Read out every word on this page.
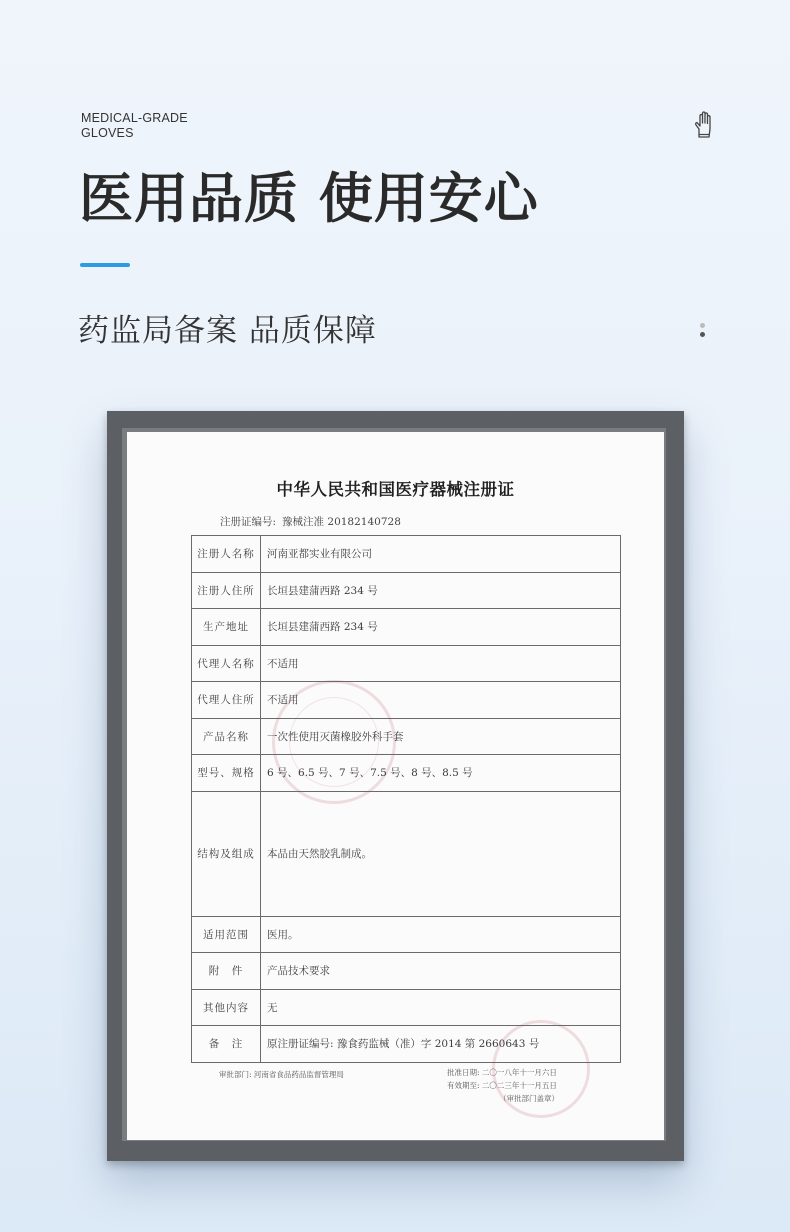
MEDICAL-GRADE
GLOVES
医用品质 使用安心
药监局备案 品质保障
中华人民共和国医疗器械注册证
注册证编号: 豫械注准 20182140728
注册人名称	河南亚都实业有限公司
注册人住所	长垣县建蒲西路 234 号
生产地址	长垣县建蒲西路 234 号
代理人名称	不适用
代理人住所	不适用
产品名称	一次性使用灭菌橡胶外科手套
型号、规格	6 号、6.5 号、7 号、7.5 号、8 号、8.5 号
结构及组成	本品由天然胶乳制成。
适用范围	医用。
附　件	产品技术要求
其他内容	无
备　注	原注册证编号: 豫食药监械（准）字 2014 第 2660643 号
审批部门: 河南省食品药品监督管理局	批准日期: 二〇一八年十一月六日
有效期至: 二〇二三年十一月五日
（审批部门盖章）
